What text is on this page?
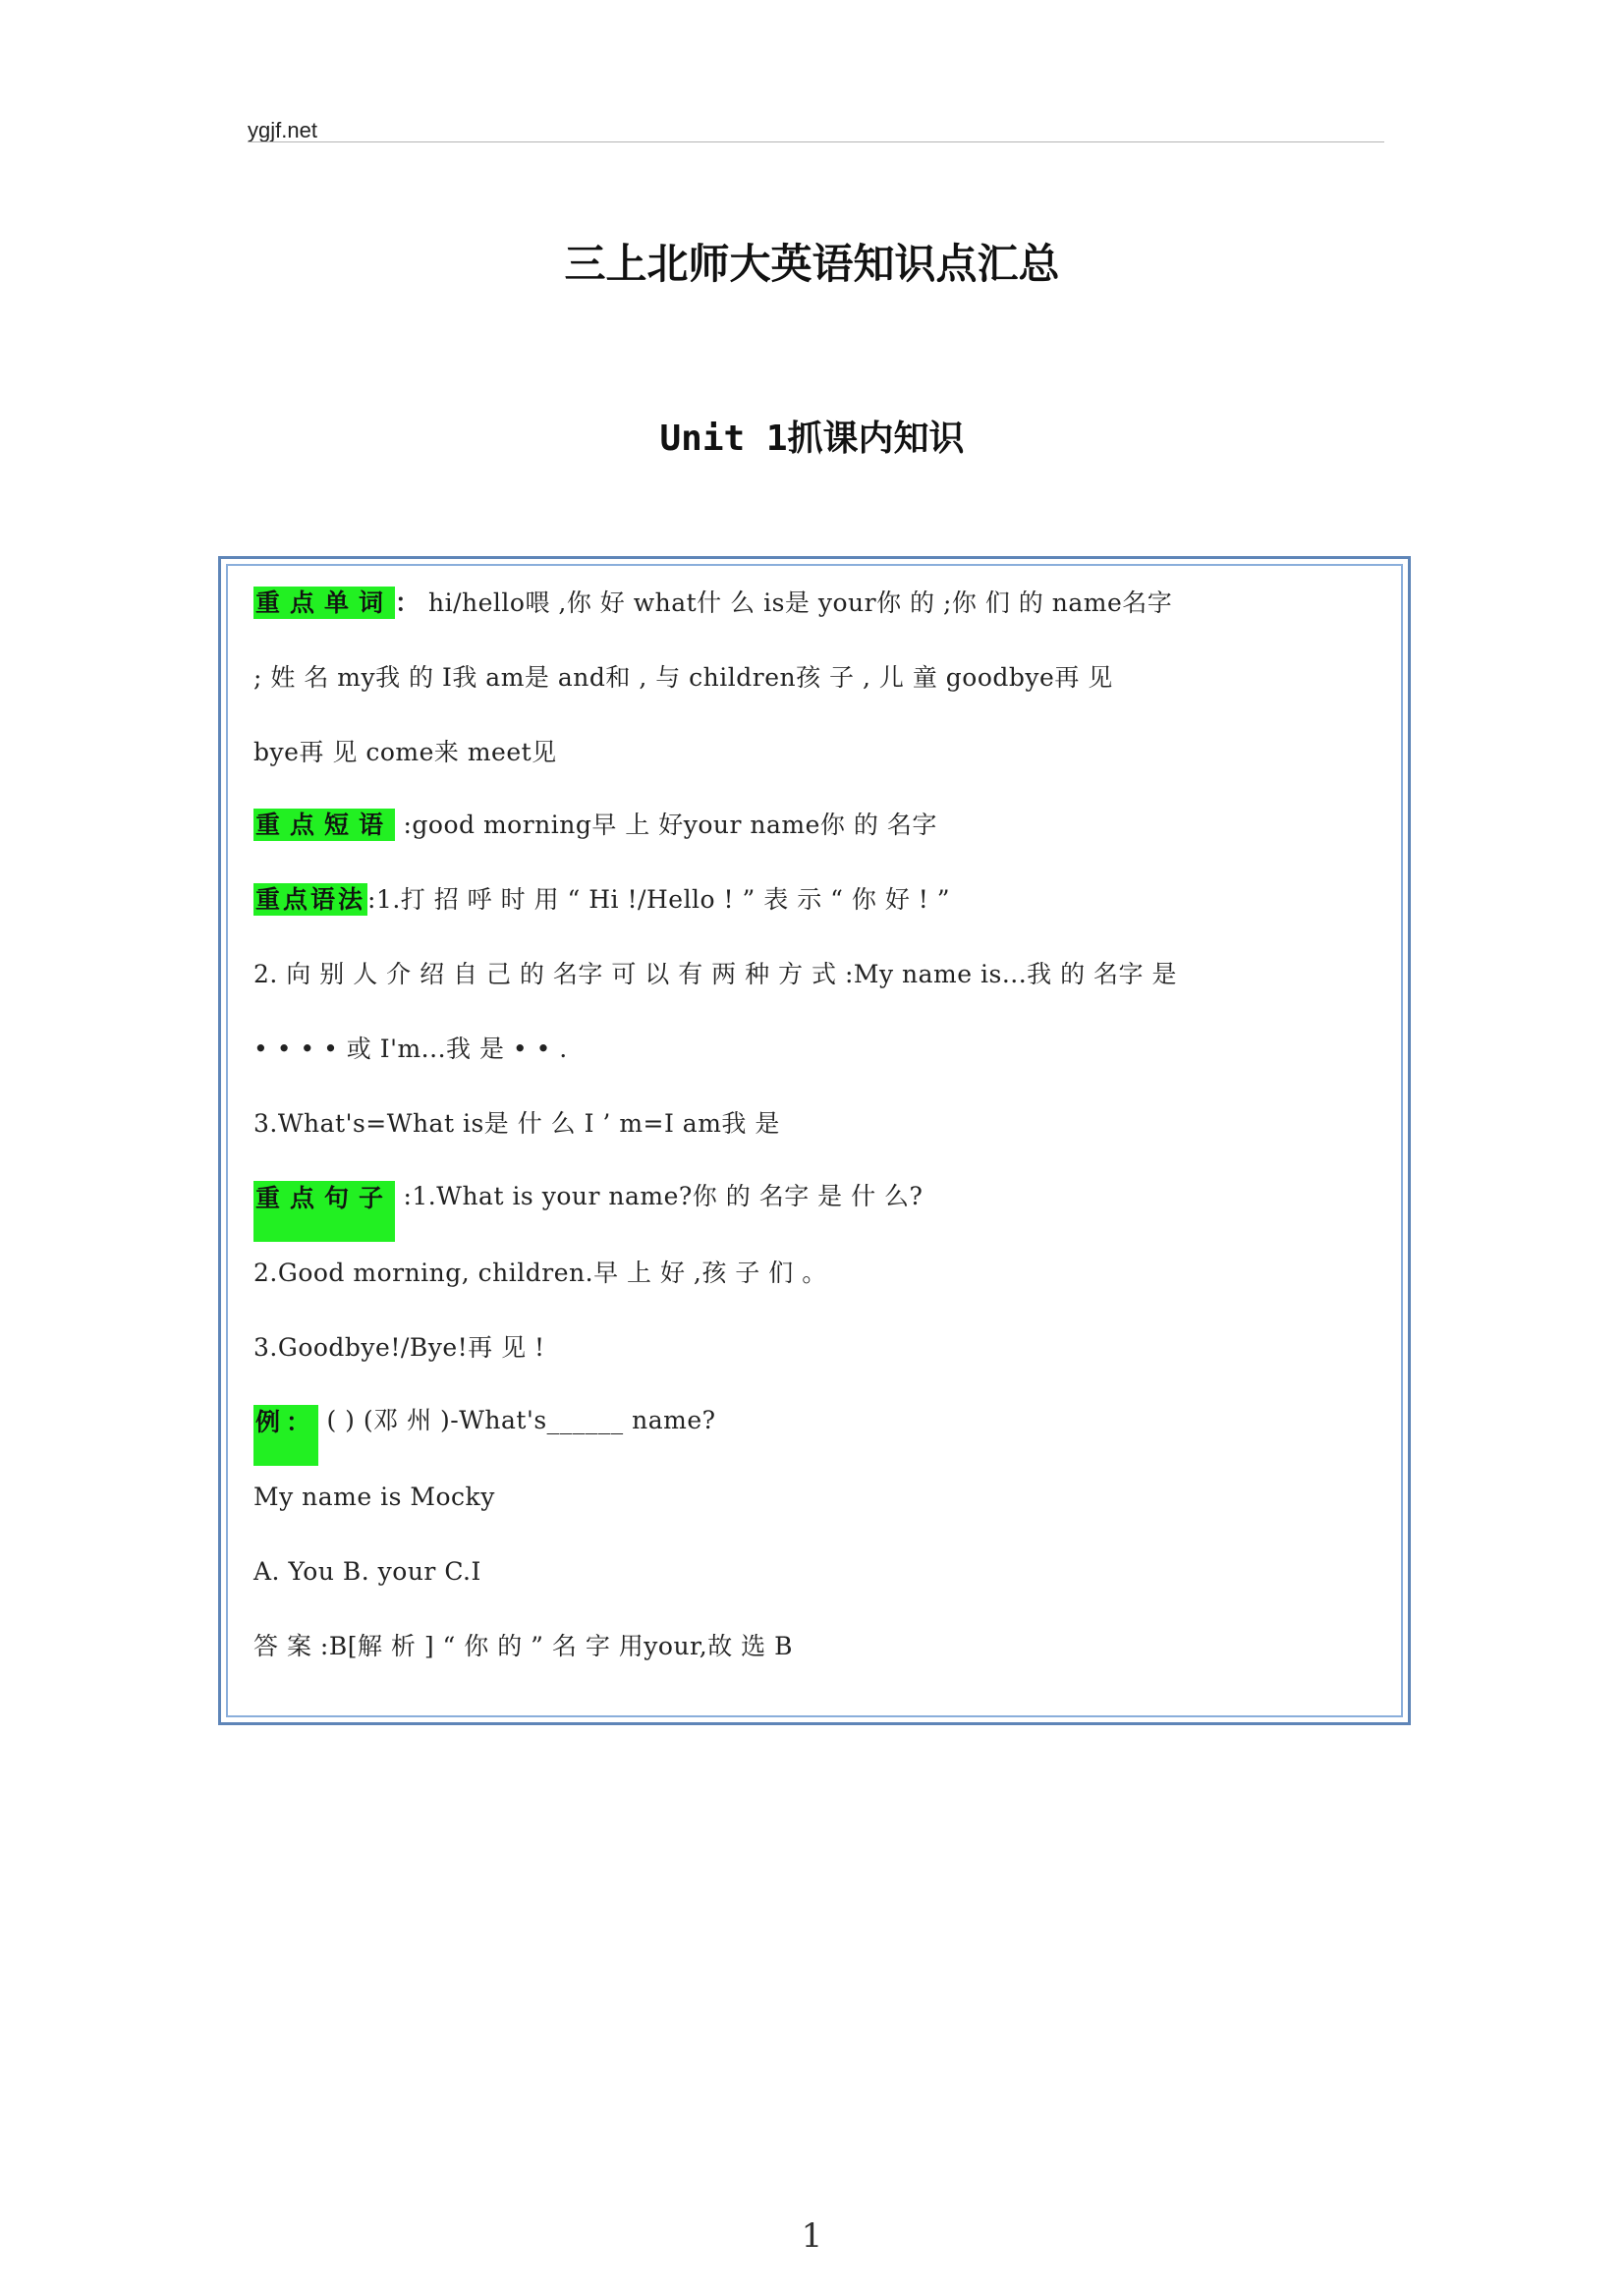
ygjf.net
三上北师大英语知识点汇总
Unit 1抓课内知识
重点单词： hi/hello喂 ,你 好 what什 么 is是 your你 的 ;你 们 的 name名字
; 姓 名 my我 的 I我 am是 and和 , 与 children孩 子 , 儿 童 goodbye再 见
bye再 见 come来 meet见
重点短语 :good morning早 上 好your name你 的 名字
重点语法:1.打 招 呼 时 用 “ Hi !/Hello ! ” 表 示 “ 你 好 ! ”
2. 向 别 人 介 绍 自 己 的 名字 可 以 有 两 种 方 式 :My name is...我 的 名字 是
• • • • 或 I'm...我 是 • • .
3.What's=What is是 什 么 I ’ m=I am我 是
重点句子 :1.What is your name?你 的 名字 是 什 么?
2.Good morning, children.早 上 好 ,孩 子 们 。
3.Goodbye!/Bye!再 见 !
例： ( ) (邓 州 )-What's______ name?
My name is Mocky
A. You B. your C.I
答 案 :B[解 析 ] “ 你 的 ” 名 字 用your,故 选 B
1
